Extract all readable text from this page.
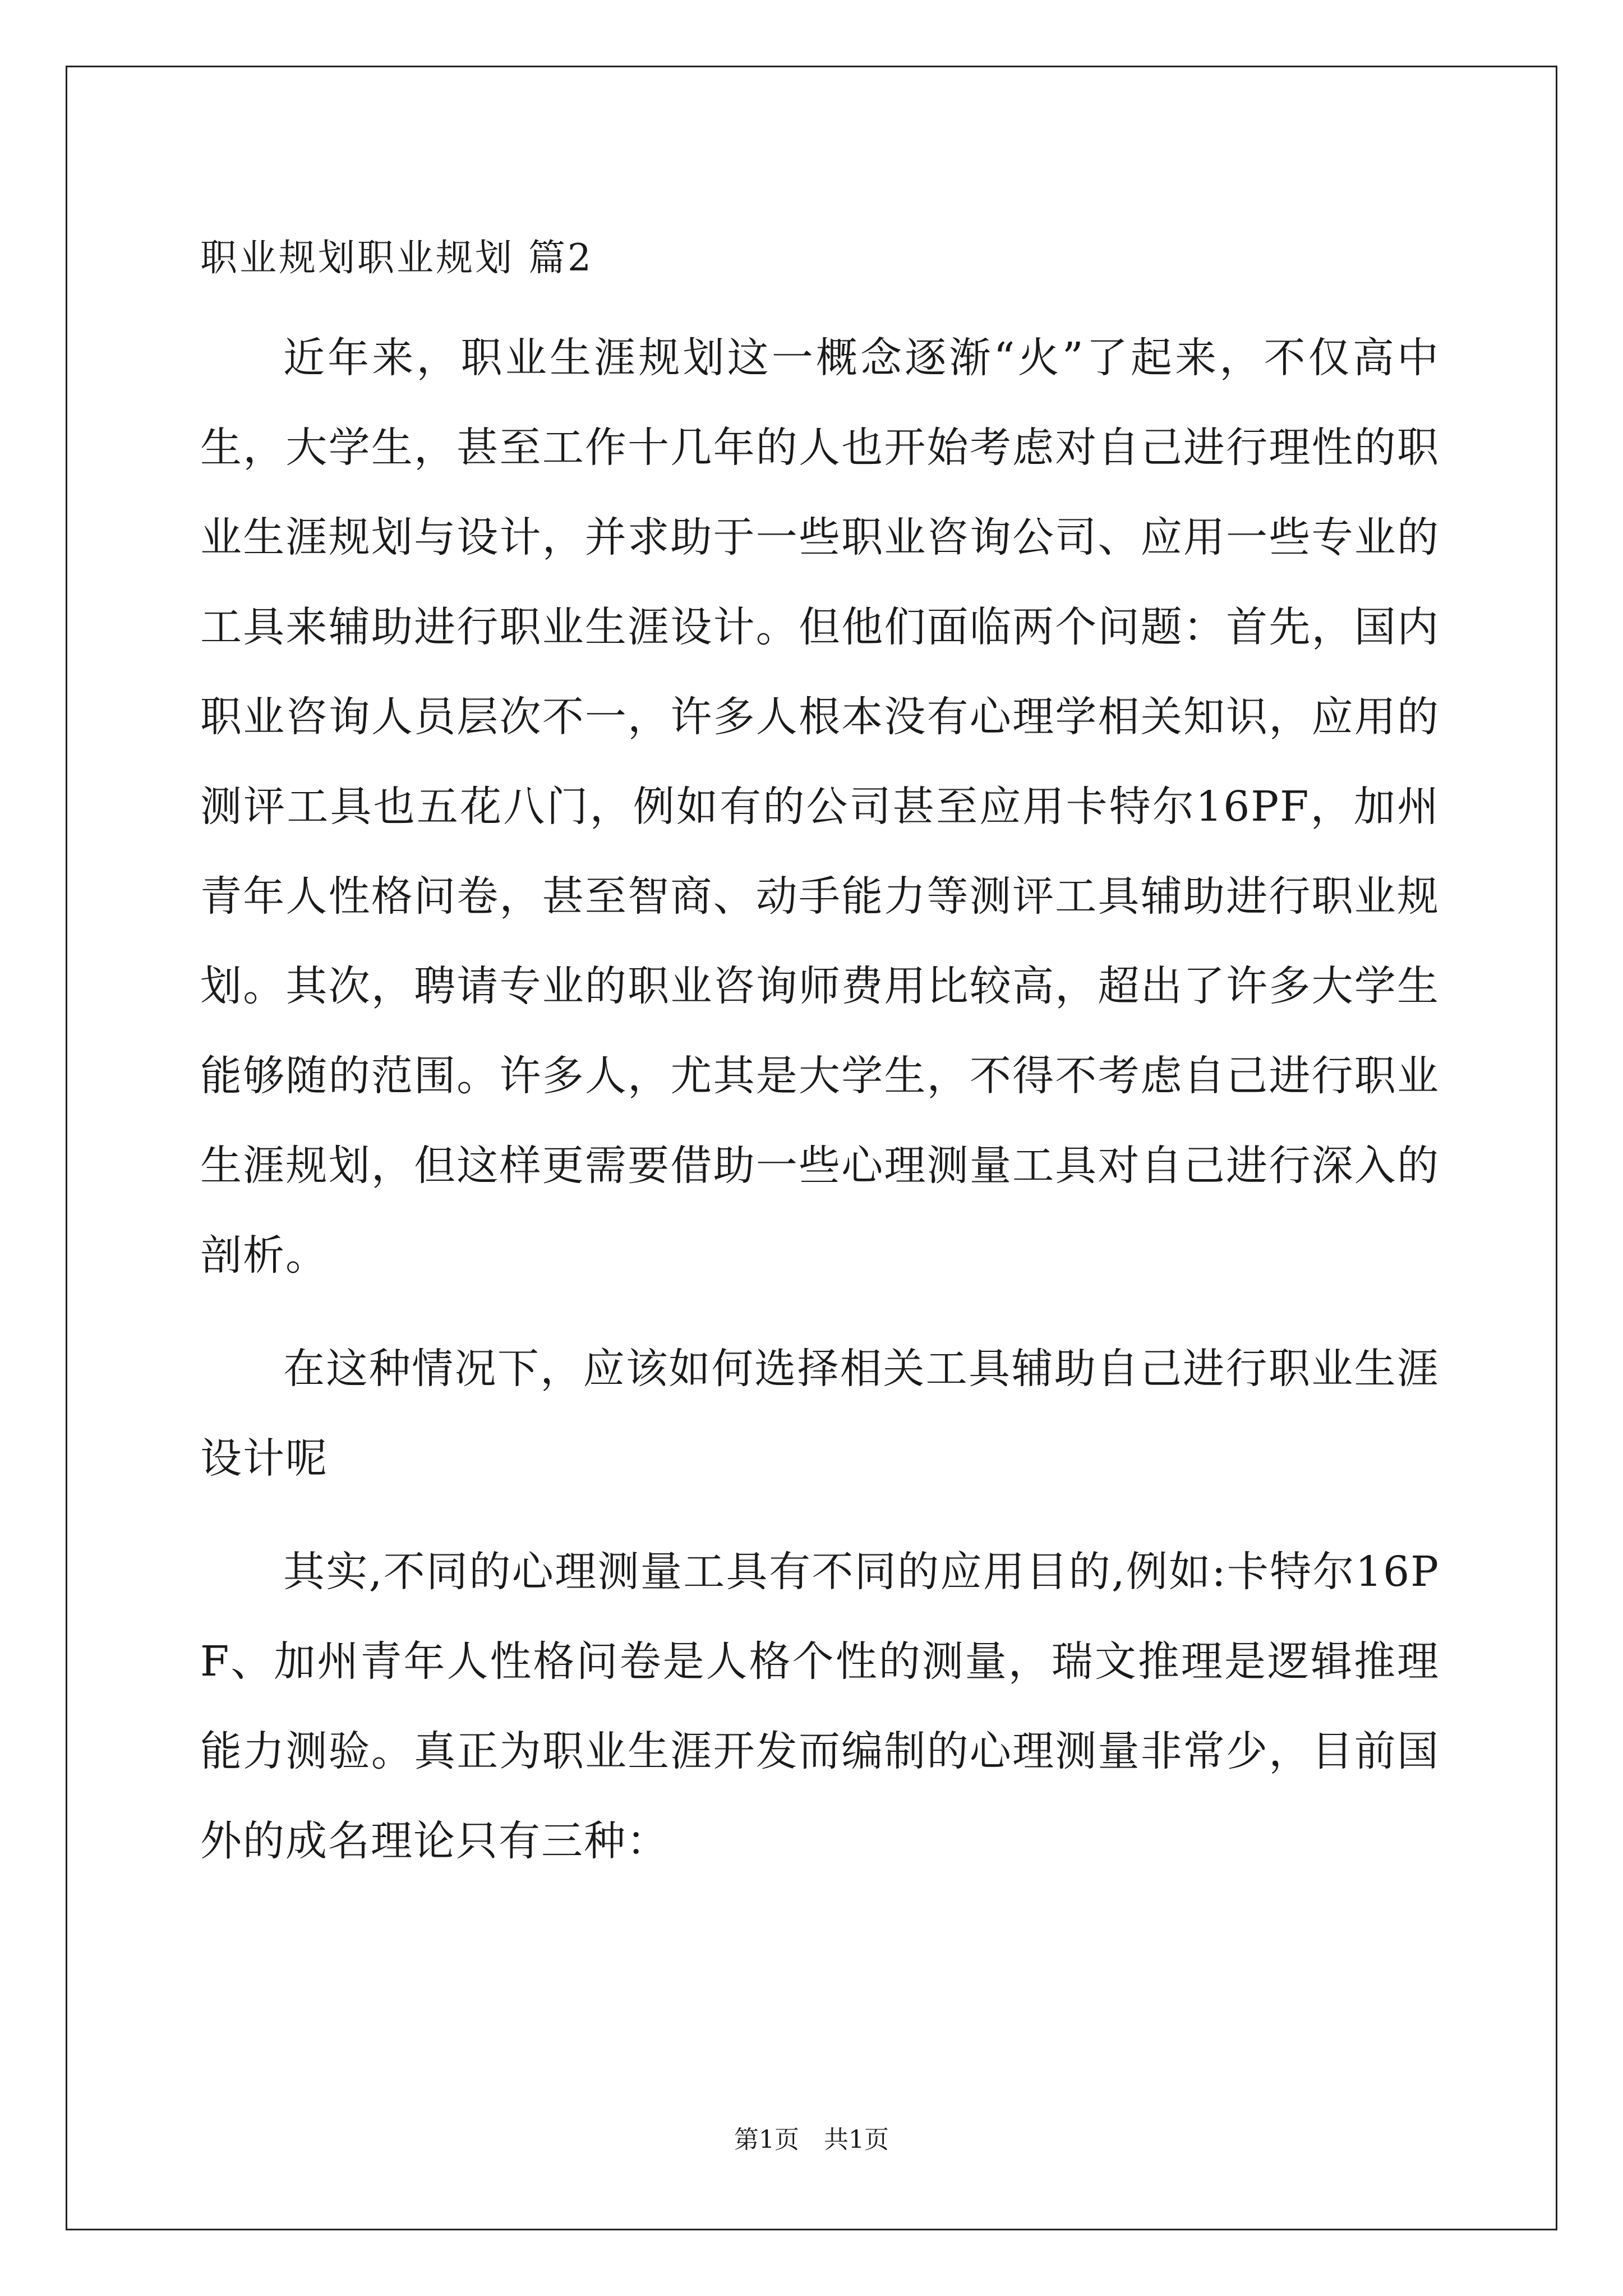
职业规划职业规划 篇2

近年来，职业生涯规划这一概念逐渐“火”了起来，不仅高中生，大学生，甚至工作十几年的人也开始考虑对自己进行理性的职业生涯规划与设计，并求助于一些职业咨询公司、应用一些专业的工具来辅助进行职业生涯设计。但他们面临两个问题：首先，国内职业咨询人员层次不一，许多人根本没有心理学相关知识，应用的测评工具也五花八门，例如有的公司甚至应用卡特尔16PF，加州青年人性格问卷，甚至智商、动手能力等测评工具辅助进行职业规划。其次，聘请专业的职业咨询师费用比较高，超出了许多大学生能够随的范围。许多人，尤其是大学生，不得不考虑自己进行职业生涯规划，但这样更需要借助一些心理测量工具对自己进行深入的剖析。

在这种情况下，应该如何选择相关工具辅助自己进行职业生涯设计呢

其实,不同的心理测量工具有不同的应用目的,例如:卡特尔16PF、加州青年人性格问卷是人格个性的测量，瑞文推理是逻辑推理能力测验。真正为职业生涯开发而编制的心理测量非常少，目前国外的成名理论只有三种：

第1页　共1页
